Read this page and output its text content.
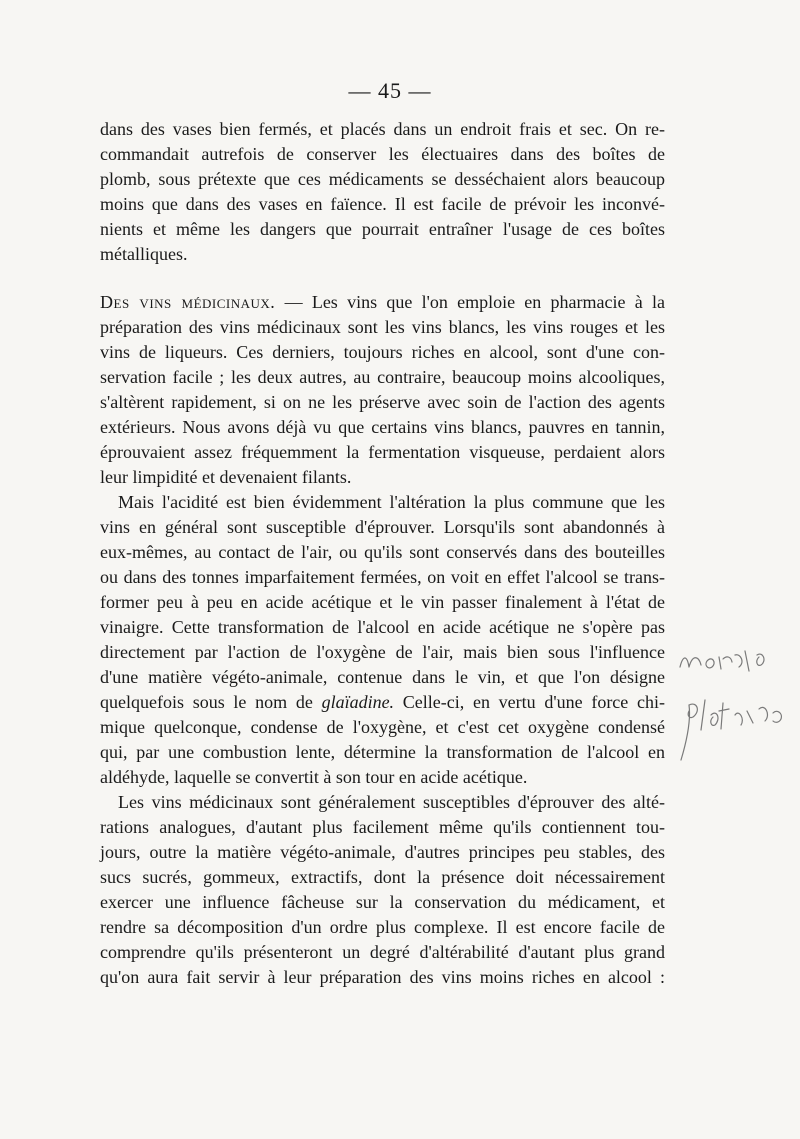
— 45 —
dans des vases bien fermés, et placés dans un endroit frais et sec. On re-
commandait autrefois de conserver les électuaires dans des boîtes de
plomb, sous prétexte que ces médicaments se desséchaient alors beaucoup
moins que dans des vases en faïence. Il est facile de prévoir les inconvé-
nients et même les dangers que pourrait entraîner l'usage de ces boîtes
métalliques.
Des vins médicinaux. — Les vins que l'on emploie en pharmacie à la
préparation des vins médicinaux sont les vins blancs, les vins rouges et les
vins de liqueurs. Ces derniers, toujours riches en alcool, sont d'une con-
servation facile ; les deux autres, au contraire, beaucoup moins alcooliques,
s'altèrent rapidement, si on ne les préserve avec soin de l'action des agents
extérieurs. Nous avons déjà vu que certains vins blancs, pauvres en tannin,
éprouvaient assez fréquemment la fermentation visqueuse, perdaient alors
leur limpidité et devenaient filants.
Mais l'acidité est bien évidemment l'altération la plus commune que les
vins en général sont susceptible d'éprouver. Lorsqu'ils sont abandonnés à
eux-mêmes, au contact de l'air, ou qu'ils sont conservés dans des bouteilles
ou dans des tonnes imparfaitement fermées, on voit en effet l'alcool se trans-
former peu à peu en acide acétique et le vin passer finalement à l'état de
vinaigre. Cette transformation de l'alcool en acide acétique ne s'opère pas
directement par l'action de l'oxygène de l'air, mais bien sous l'influence
d'une matière végéto-animale, contenue dans le vin, et que l'on désigne
quelquefois sous le nom de glaïadine. Celle-ci, en vertu d'une force chi-
mique quelconque, condense de l'oxygène, et c'est cet oxygène condensé
qui, par une combustion lente, détermine la transformation de l'alcool en
aldéhyde, laquelle se convertit à son tour en acide acétique.
Les vins médicinaux sont généralement susceptibles d'éprouver des alté-
rations analogues, d'autant plus facilement même qu'ils contiennent tou-
jours, outre la matière végéto-animale, d'autres principes peu stables, des
sucs sucrés, gommeux, extractifs, dont la présence doit nécessairement
exercer une influence fâcheuse sur la conservation du médicament, et
rendre sa décomposition d'un ordre plus complexe. Il est encore facile de
comprendre qu'ils présenteront un degré d'altérabilité d'autant plus grand
qu'on aura fait servir à leur préparation des vins moins riches en alcool :
